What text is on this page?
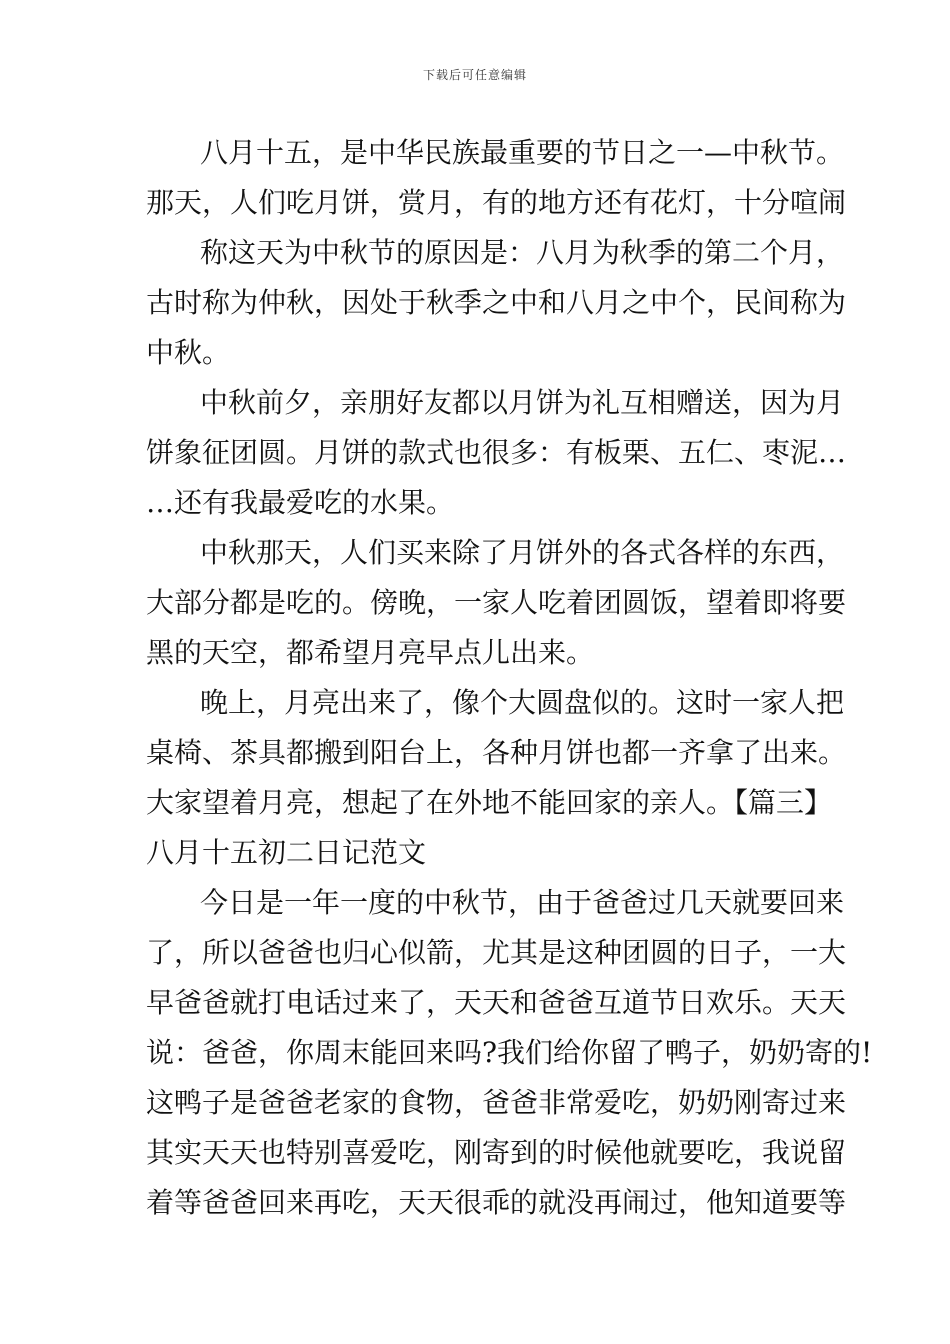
下载后可任意编辑
八月十五，是中华民族最重要的节日之一—中秋节。
那天，人们吃月饼，赏月，有的地方还有花灯，十分喧闹
称这天为中秋节的原因是：八月为秋季的第二个月，
古时称为仲秋，因处于秋季之中和八月之中个，民间称为
中秋。
中秋前夕，亲朋好友都以月饼为礼互相赠送，因为月
饼象征团圆。月饼的款式也很多：有板栗、五仁、枣泥…
…还有我最爱吃的水果。
中秋那天，人们买来除了月饼外的各式各样的东西，
大部分都是吃的。傍晚，一家人吃着团圆饭，望着即将要
黑的天空，都希望月亮早点儿出来。
晚上，月亮出来了，像个大圆盘似的。这时一家人把
桌椅、茶具都搬到阳台上，各种月饼也都一齐拿了出来。
大家望着月亮，想起了在外地不能回家的亲人。【篇三】
八月十五初二日记范文
今日是一年一度的中秋节，由于爸爸过几天就要回来
了，所以爸爸也归心似箭，尤其是这种团圆的日子，一大
早爸爸就打电话过来了，天天和爸爸互道节日欢乐。天天
说：爸爸，你周末能回来吗?我们给你留了鸭子，奶奶寄的!
这鸭子是爸爸老家的食物，爸爸非常爱吃，奶奶刚寄过来
其实天天也特别喜爱吃，刚寄到的时候他就要吃，我说留
着等爸爸回来再吃，天天很乖的就没再闹过，他知道要等
